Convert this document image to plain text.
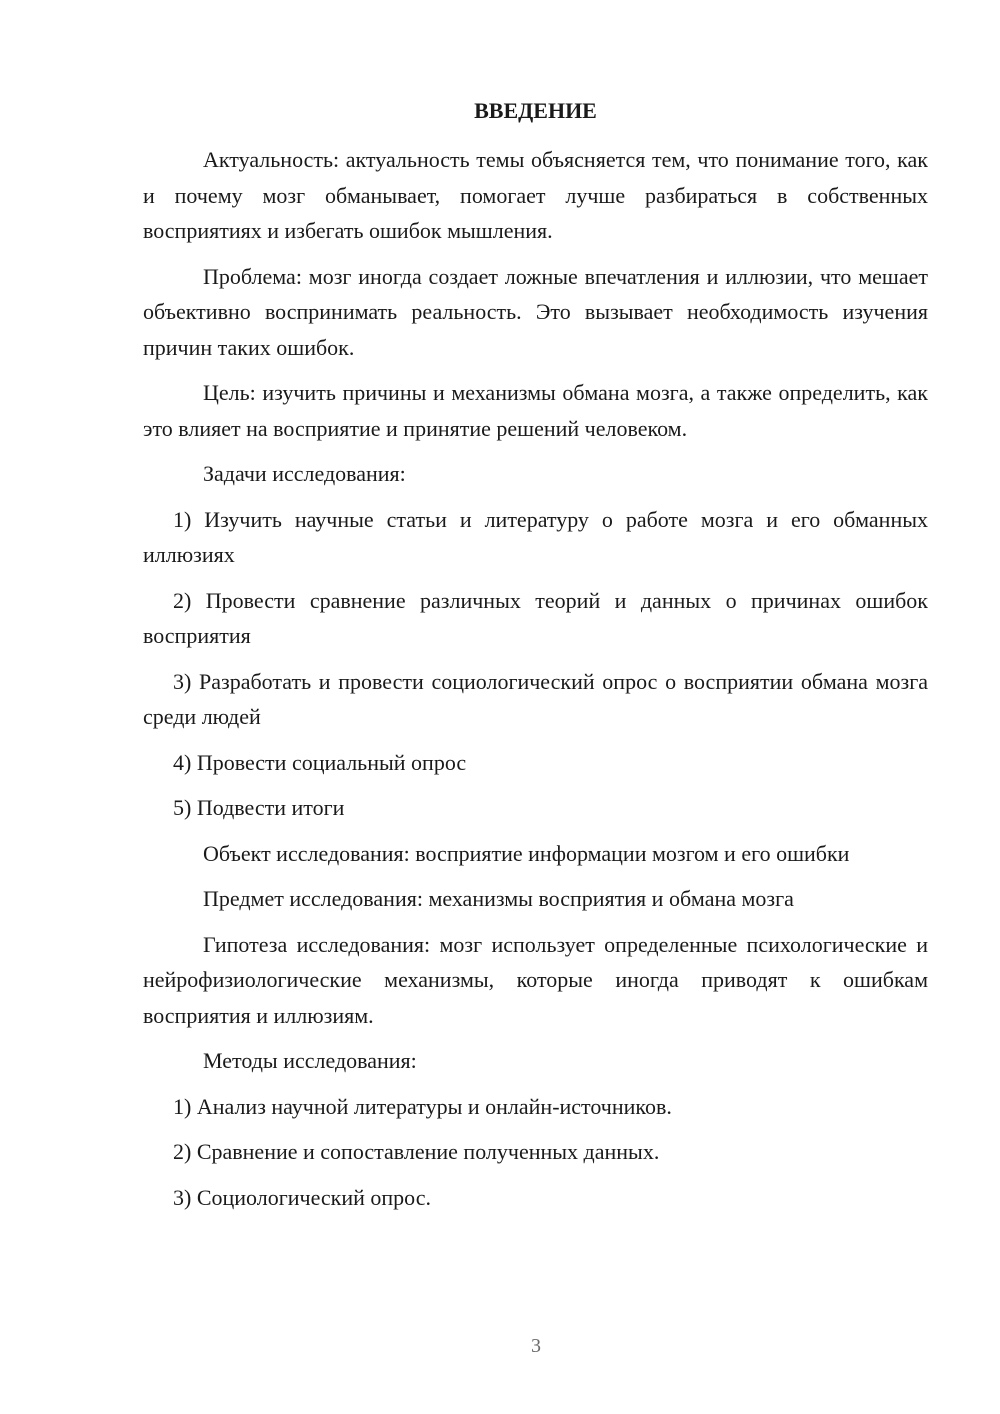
ВВЕДЕНИЕ

Актуальность: актуальность темы объясняется тем, что понимание того, как и почему мозг обманывает, помогает лучше разбираться в собственных восприятиях и избегать ошибок мышления.

Проблема: мозг иногда создает ложные впечатления и иллюзии, что мешает объективно воспринимать реальность. Это вызывает необходимость изучения причин таких ошибок.

Цель: изучить причины и механизмы обмана мозга, а также определить, как это влияет на восприятие и принятие решений человеком.

Задачи исследования:

1) Изучить научные статьи и литературу о работе мозга и его обманных иллюзиях

2) Провести сравнение различных теорий и данных о причинах ошибок восприятия

3) Разработать и провести социологический опрос о восприятии обмана мозга среди людей

4) Провести социальный опрос

5) Подвести итоги

Объект исследования: восприятие информации мозгом и его ошибки

Предмет исследования: механизмы восприятия и обмана мозга

Гипотеза исследования: мозг использует определенные психологические и нейрофизиологические механизмы, которые иногда приводят к ошибкам восприятия и иллюзиям.

Методы исследования:

1) Анализ научной литературы и онлайн-источников.

2) Сравнение и сопоставление полученных данных.

3) Социологический опрос.

3
